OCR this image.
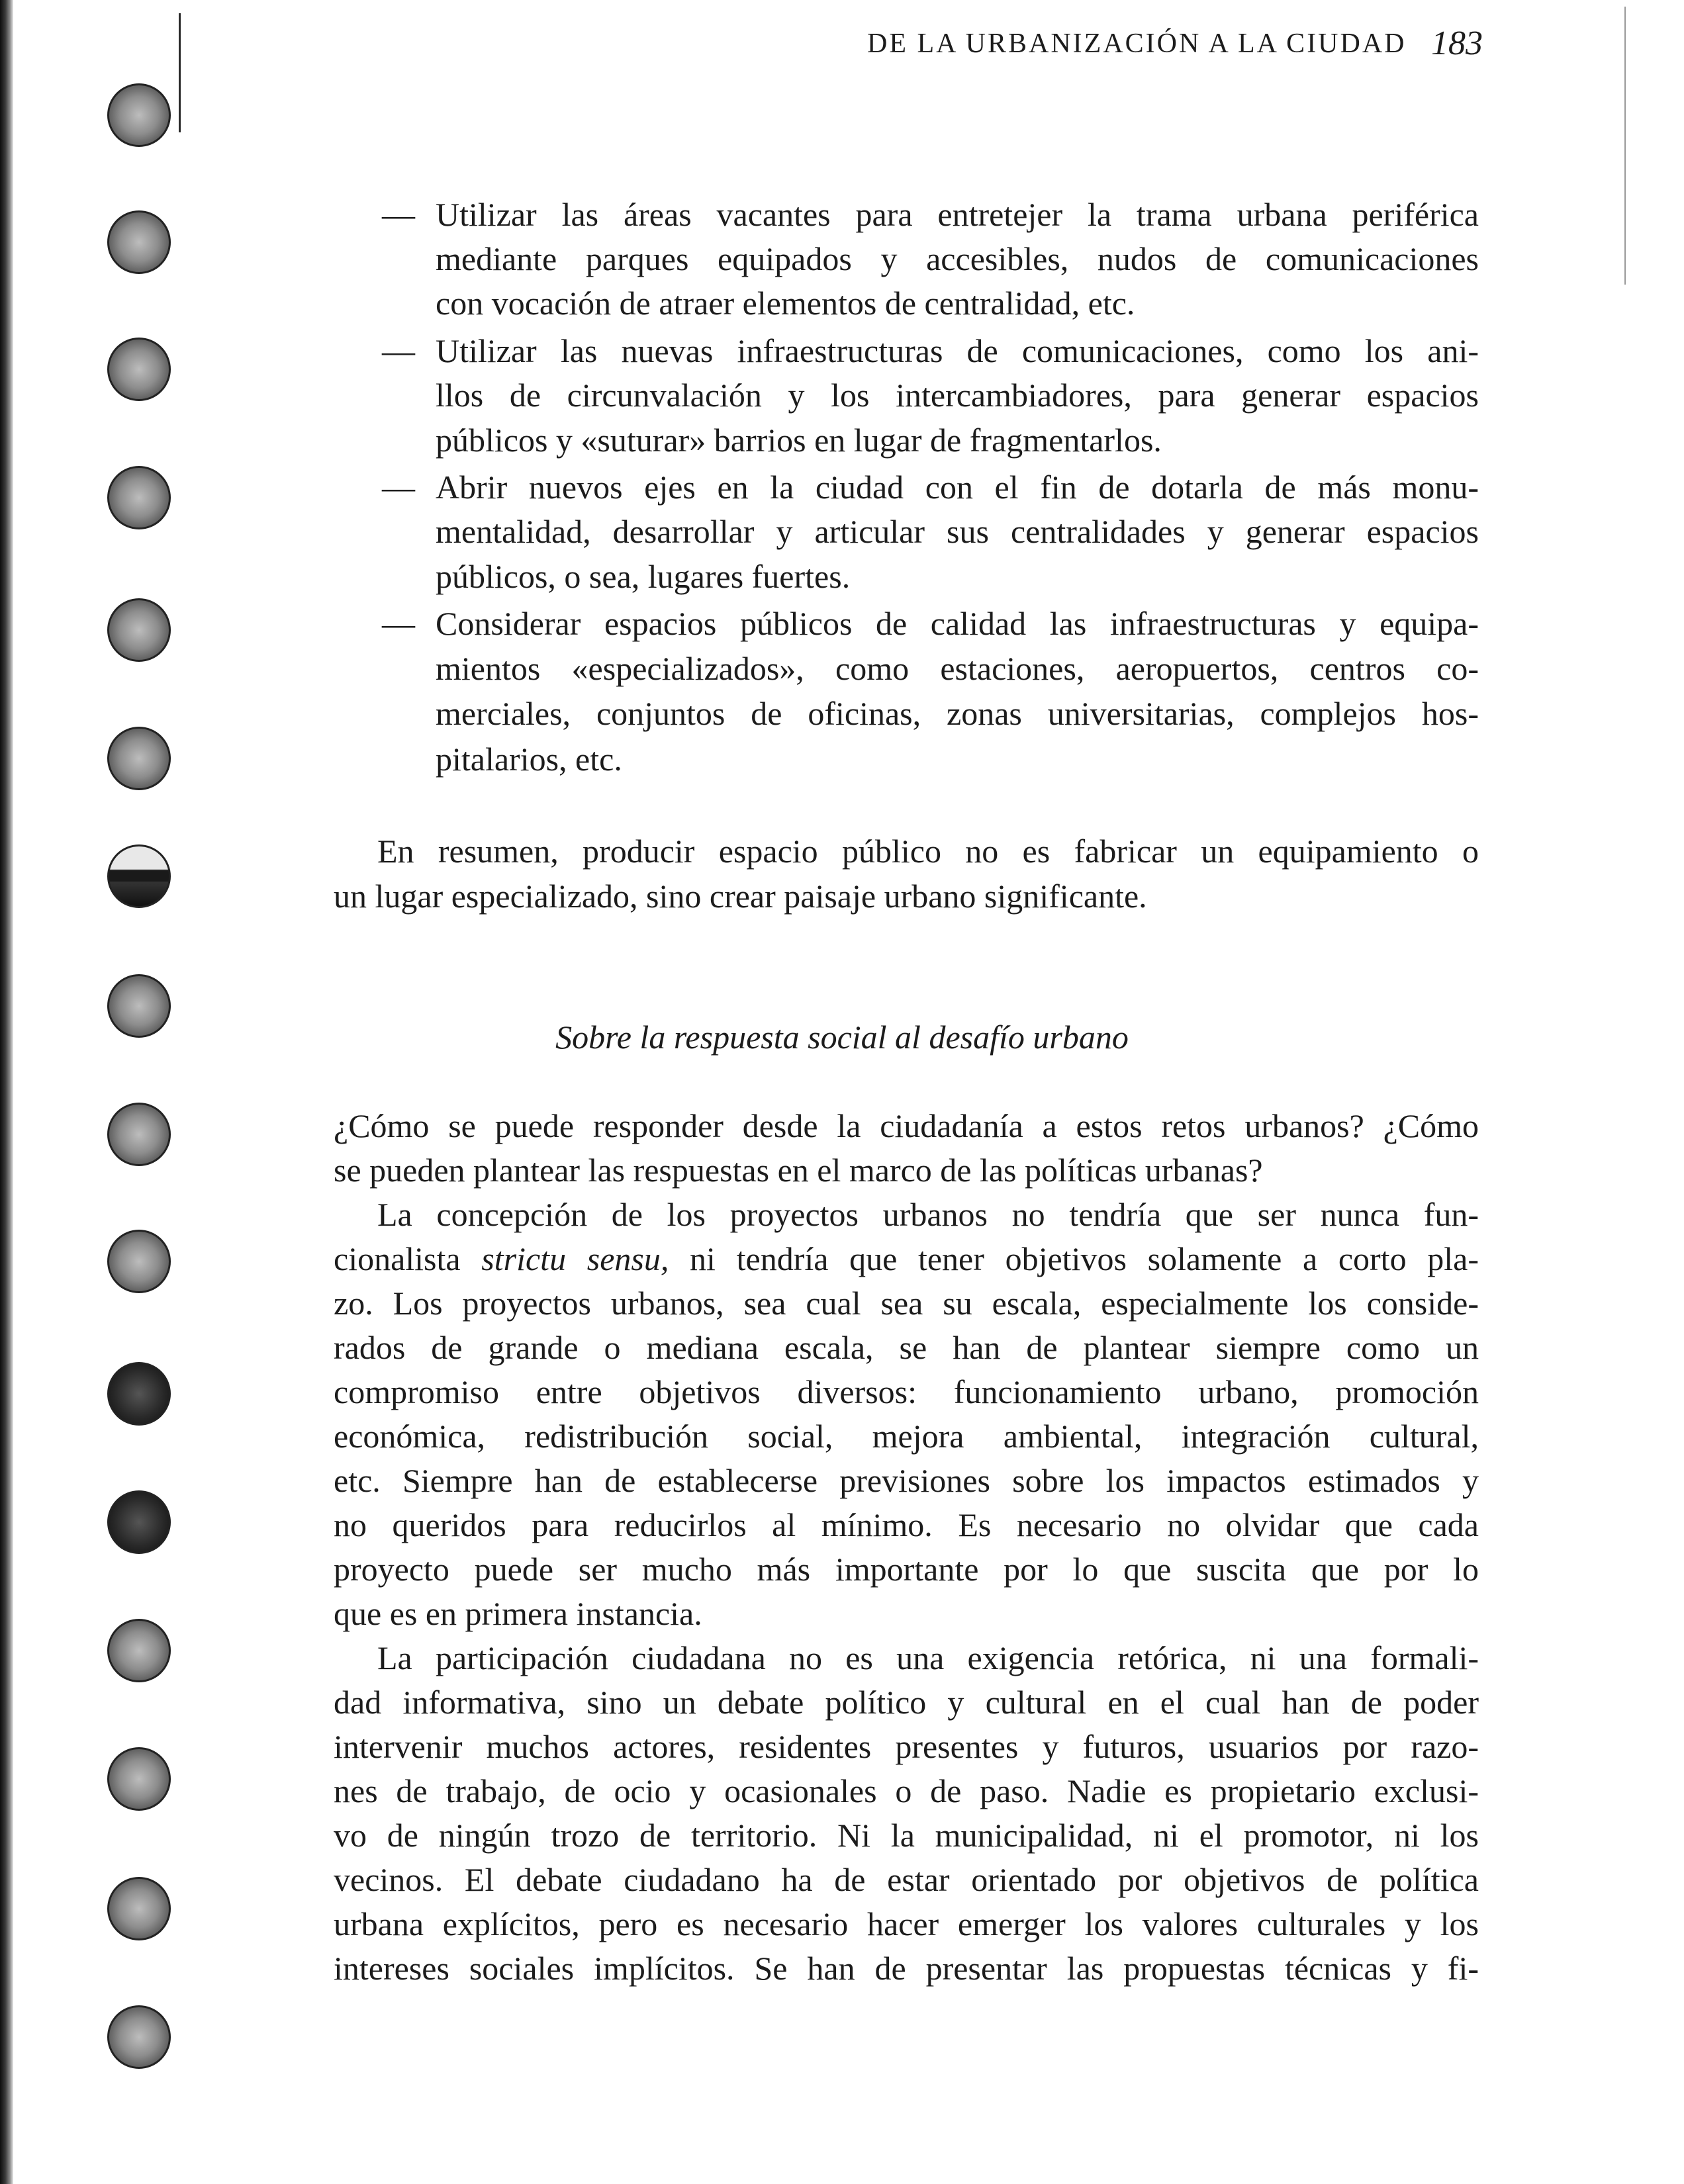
DE LA URBANIZACIÓN A LA CIUDAD 183
— Utilizar las áreas vacantes para entretejer la trama urbana periférica
mediante parques equipados y accesibles, nudos de comunicaciones
con vocación de atraer elementos de centralidad, etc.
— Utilizar las nuevas infraestructuras de comunicaciones, como los ani-
llos de circunvalación y los intercambiadores, para generar espacios
públicos y «suturar» barrios en lugar de fragmentarlos.
— Abrir nuevos ejes en la ciudad con el fin de dotarla de más monu-
mentalidad, desarrollar y articular sus centralidades y generar espacios
públicos, o sea, lugares fuertes.
— Considerar espacios públicos de calidad las infraestructuras y equipa-
mientos «especializados», como estaciones, aeropuertos, centros co-
merciales, conjuntos de oficinas, zonas universitarias, complejos hos-
pitalarios, etc.
En resumen, producir espacio público no es fabricar un equipamiento o
un lugar especializado, sino crear paisaje urbano significante.
Sobre la respuesta social al desafío urbano
¿Cómo se puede responder desde la ciudadanía a estos retos urbanos? ¿Cómo
se pueden plantear las respuestas en el marco de las políticas urbanas?
La concepción de los proyectos urbanos no tendría que ser nunca fun-
cionalista strictu sensu, ni tendría que tener objetivos solamente a corto pla-
zo. Los proyectos urbanos, sea cual sea su escala, especialmente los conside-
rados de grande o mediana escala, se han de plantear siempre como un
compromiso entre objetivos diversos: funcionamiento urbano, promoción
económica, redistribución social, mejora ambiental, integración cultural,
etc. Siempre han de establecerse previsiones sobre los impactos estimados y
no queridos para reducirlos al mínimo. Es necesario no olvidar que cada
proyecto puede ser mucho más importante por lo que suscita que por lo
que es en primera instancia.
La participación ciudadana no es una exigencia retórica, ni una formali-
dad informativa, sino un debate político y cultural en el cual han de poder
intervenir muchos actores, residentes presentes y futuros, usuarios por razo-
nes de trabajo, de ocio y ocasionales o de paso. Nadie es propietario exclusi-
vo de ningún trozo de territorio. Ni la municipalidad, ni el promotor, ni los
vecinos. El debate ciudadano ha de estar orientado por objetivos de política
urbana explícitos, pero es necesario hacer emerger los valores culturales y los
intereses sociales implícitos. Se han de presentar las propuestas técnicas y fi-
